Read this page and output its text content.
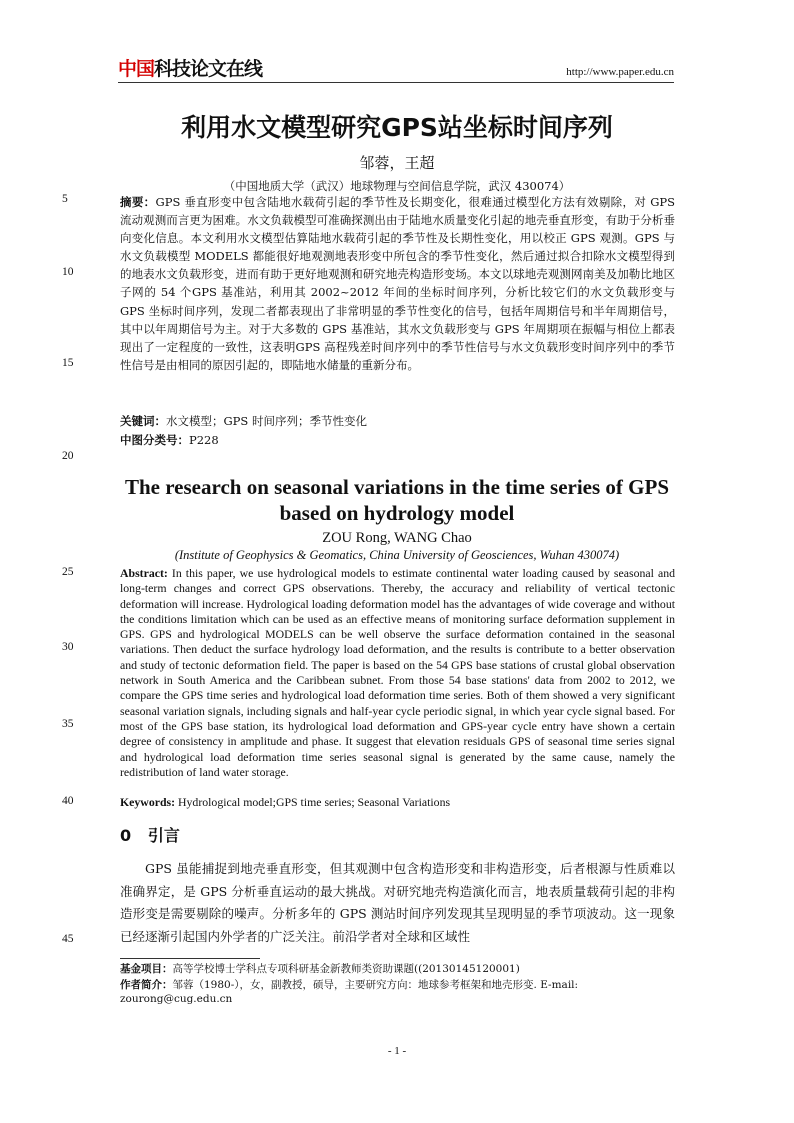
中国科技论文在线	http://www.paper.edu.cn
利用水文模型研究GPS站坐标时间序列
邹蓉，王超
（中国地质大学（武汉）地球物理与空间信息学院，武汉 430074）
5
10
15
20
25
30
35
40
45
摘要：GPS 垂直形变中包含陆地水载荷引起的季节性及长期变化，很难通过模型化方法有效剔除，对 GPS 流动观测而言更为困难。水文负载模型可准确探测出由于陆地水质量变化引起的地壳垂直形变，有助于分析垂向变化信息。本文利用水文模型估算陆地水载荷引起的季节性及长期性变化，用以校正 GPS 观测。GPS 与水文负载模型 MODELS 都能很好地观测地表形变中所包含的季节性变化，然后通过拟合扣除水文模型得到的地表水文负载形变，进而有助于更好地观测和研究地壳构造形变场。本文以球地壳观测网南美及加勒比地区子网的 54 个GPS 基准站，利用其 2002~2012 年间的坐标时间序列，分析比较它们的水文负载形变与 GPS 坐标时间序列，发现二者都表现出了非常明显的季节性变化的信号，包括年周期信号和半年周期信号，其中以年周期信号为主。对于大多数的 GPS 基准站，其水文负载形变与 GPS 年周期项在振幅与相位上都表现出了一定程度的一致性，这表明GPS 高程残差时间序列中的季节性信号与水文负载形变时间序列中的季节性信号是由相同的原因引起的，即陆地水储量的重新分布。
关键词：水文模型；GPS 时间序列；季节性变化
中图分类号：P228
The research on seasonal variations in the time series of GPS based on hydrology model
ZOU Rong, WANG Chao
(Institute of Geophysics & Geomatics, China University of Geosciences, Wuhan 430074)
Abstract: In this paper, we use hydrological models to estimate continental water loading caused by seasonal and long-term changes and correct GPS observations. Thereby, the accuracy and reliability of vertical tectonic deformation will increase. Hydrological loading deformation model has the advantages of wide coverage and without the conditions limitation which can be used as an effective means of monitoring surface deformation supplement in GPS. GPS and hydrological MODELS can be well observe the surface deformation contained in the seasonal variations. Then deduct the surface hydrology load deformation, and the results is contribute to a better observation and study of tectonic deformation field. The paper is based on the 54 GPS base stations of crustal global observation network in South America and the Caribbean subnet. From those 54 base stations' data from 2002 to 2012, we compare the GPS time series and hydrological load deformation time series. Both of them showed a very significant seasonal variation signals, including signals and half-year cycle periodic signal, in which year cycle signal based. For most of the GPS base station, its hydrological load deformation and GPS-year cycle entry have shown a certain degree of consistency in amplitude and phase. It suggest that elevation residuals GPS of seasonal time series signal and hydrological load deformation time series seasonal signal is generated by the same cause, namely the redistribution of land water storage.
Keywords: Hydrological model;GPS time series; Seasonal Variations
0 引言
GPS 虽能捕捉到地壳垂直形变，但其观测中包含构造形变和非构造形变，后者根源与性质难以准确界定，是 GPS 分析垂直运动的最大挑战。对研究地壳构造演化而言，地表质量载荷引起的非构造形变是需要剔除的噪声。分析多年的 GPS 测站时间序列发现其呈现明显的季节项波动。这一现象已经逐渐引起国内外学者的广泛关注。前沿学者对全球和区域性
基金项目：高等学校博士学科点专项科研基金新教师类资助课题((20130145120001)
作者简介：邹蓉（1980-），女，副教授，硕导，主要研究方向：地球参考框架和地壳形变. E-mail: zourong@cug.edu.cn
- 1 -
